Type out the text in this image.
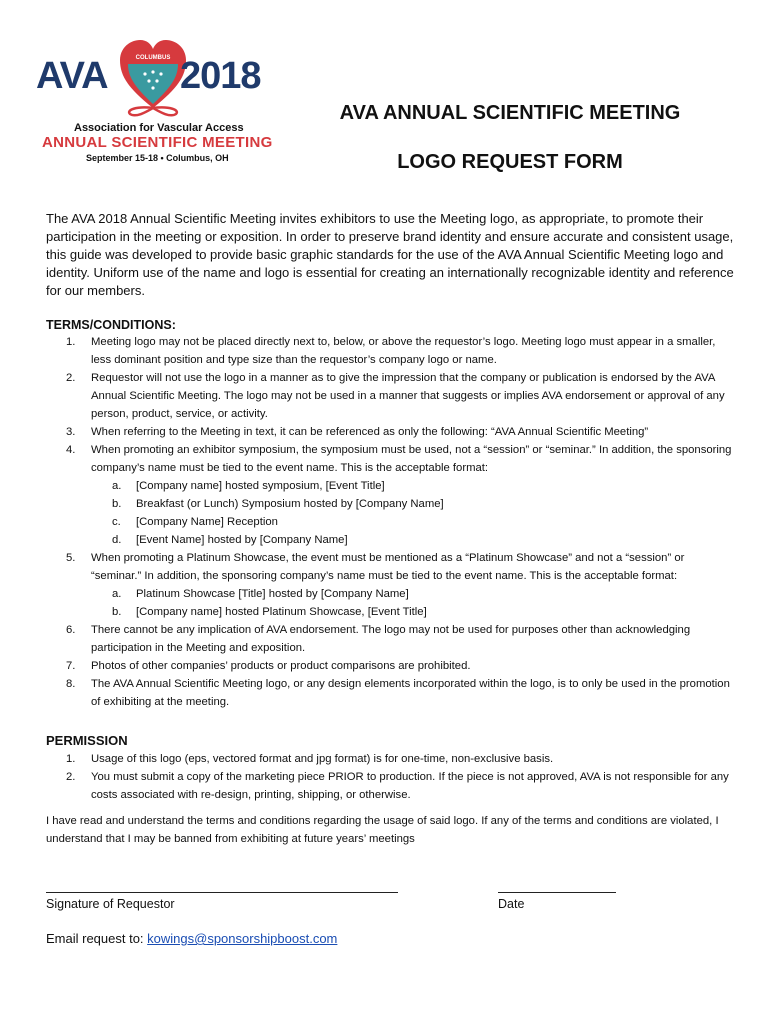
AVA	COLUMBUS 2018
Association for Vascular Access
ANNUAL SCIENTIFIC MEETING
September 15-18 • Columbus, OH
AVA ANNUAL SCIENTIFIC MEETING
LOGO REQUEST FORM
The AVA 2018 Annual Scientific Meeting invites exhibitors to use the Meeting logo, as appropriate, to promote their participation in the meeting or exposition. In order to preserve brand identity and ensure accurate and consistent usage, this guide was developed to provide basic graphic standards for the use of the AVA Annual Scientific Meeting logo and identity. Uniform use of the name and logo is essential for creating an internationally recognizable identity and reference for our members.
TERMS/CONDITIONS:
1. Meeting logo may not be placed directly next to, below, or above the requestor’s logo. Meeting logo must appear in a smaller, less dominant position and type size than the requestor’s company logo or name.
2. Requestor will not use the logo in a manner as to give the impression that the company or publication is endorsed by the AVA Annual Scientific Meeting. The logo may not be used in a manner that suggests or implies AVA endorsement or approval of any person, product, service, or activity.
3. When referring to the Meeting in text, it can be referenced as only the following: “AVA Annual Scientific Meeting”
4. When promoting an exhibitor symposium, the symposium must be used, not a “session” or “seminar.” In addition, the sponsoring company’s name must be tied to the event name. This is the acceptable format:
a. [Company name] hosted symposium, [Event Title]
b. Breakfast (or Lunch) Symposium hosted by [Company Name]
c. [Company Name] Reception
d. [Event Name] hosted by [Company Name]
5. When promoting a Platinum Showcase, the event must be mentioned as a “Platinum Showcase” and not a “session” or “seminar.” In addition, the sponsoring company’s name must be tied to the event name. This is the acceptable format:
a. Platinum Showcase [Title] hosted by [Company Name]
b. [Company name] hosted Platinum Showcase, [Event Title]
6. There cannot be any implication of AVA endorsement. The logo may not be used for purposes other than acknowledging participation in the Meeting and exposition.
7. Photos of other companies’ products or product comparisons are prohibited.
8. The AVA Annual Scientific Meeting logo, or any design elements incorporated within the logo, is to only be used in the promotion of exhibiting at the meeting.
PERMISSION
1. Usage of this logo (eps, vectored format and jpg format) is for one-time, non-exclusive basis.
2. You must submit a copy of the marketing piece PRIOR to production. If the piece is not approved, AVA is not responsible for any costs associated with re-design, printing, shipping, or otherwise.
I have read and understand the terms and conditions regarding the usage of said logo. If any of the terms and conditions are violated, I understand that I may be banned from exhibiting at future years’ meetings
Signature of Requestor	Date
Email request to: kowings@sponsorshipboost.com
